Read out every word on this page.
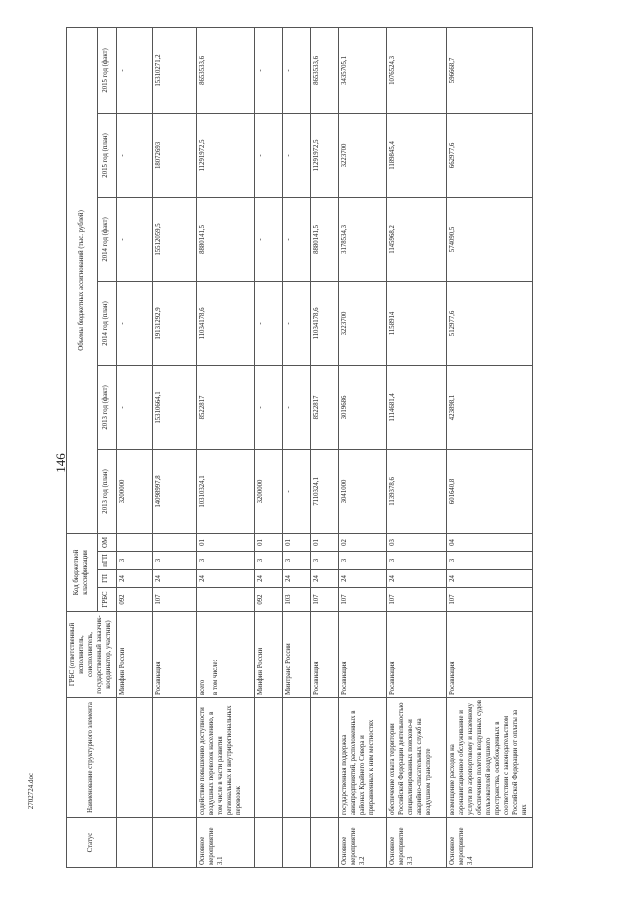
146
2702724.doc
Статус	Наименование структурного элемента	ГРБС (ответственный исполнитель, соисполнитель, государственный заказчик-координатор, участник)	Код бюджетной классификации				Объемы бюджетных ассигнований (тыс. рублей)					
			ГРБС	ГП	пГП	ОМ	2013 год (план)	2013 год (факт)	2014 год (план)	2014 год (факт)	2015 год (план)	2015 год (факт)
		Минфин России	092	24	3		3200000	-	-	-	-	-
		Росавиация	107	24	3		14098997,8	15310664,1	19131292,9	15512059,5	18072693	15310271,2
Основное мероприятие 3.1	содействие повышению доступности воздушных перевозок населению, в том числе в части развития региональных и внутрирегиональных перевозок	всего в том числе:		24	3	01	10310324,1	8522817	11034178,6	8880141,5	11291972,5	8653533,6
		Минфин России	092	24	3	01	3200000	-	-	-	-	-
		Минтранс России	103	24	3	01	-	-	-	-	-	-
		Росавиация	107	24	3	01	7110324,1	8522817	11034178,6	8880141,5	11291972,5	8653533,6
Основное мероприятие 3.2	государственная поддержка авиапредприятий, расположенных в районах Крайнего Севера и приравненных к ним местностях	Росавиация	107	24	3	02	3041000	3019686	3223700	3178534,3	3223700	3435705,1
Основное мероприятие 3.3	обеспечение охвата территории Российской Федерации деятельностью специализированных поисково-и аварийно-спасательных служб на воздушном транспорте	Росавиация	107	24	3	03	1139378,6	1114681,4	1158914	1145968,2	1189845,4	1076524,3
Основное мероприятие 3.4	возмещение расходов на аэронавигационное обслуживание и услуги по аэропортовому и наземному обеспечению полетов воздушных судов пользователей воздушного пространства, освобожденных в соответствии с законодательством Российской Федерации от оплаты за них	Росавиация	107	24	3	04	601640,8	423898,1	512977,6	574090,5	662977,6	596668,7
